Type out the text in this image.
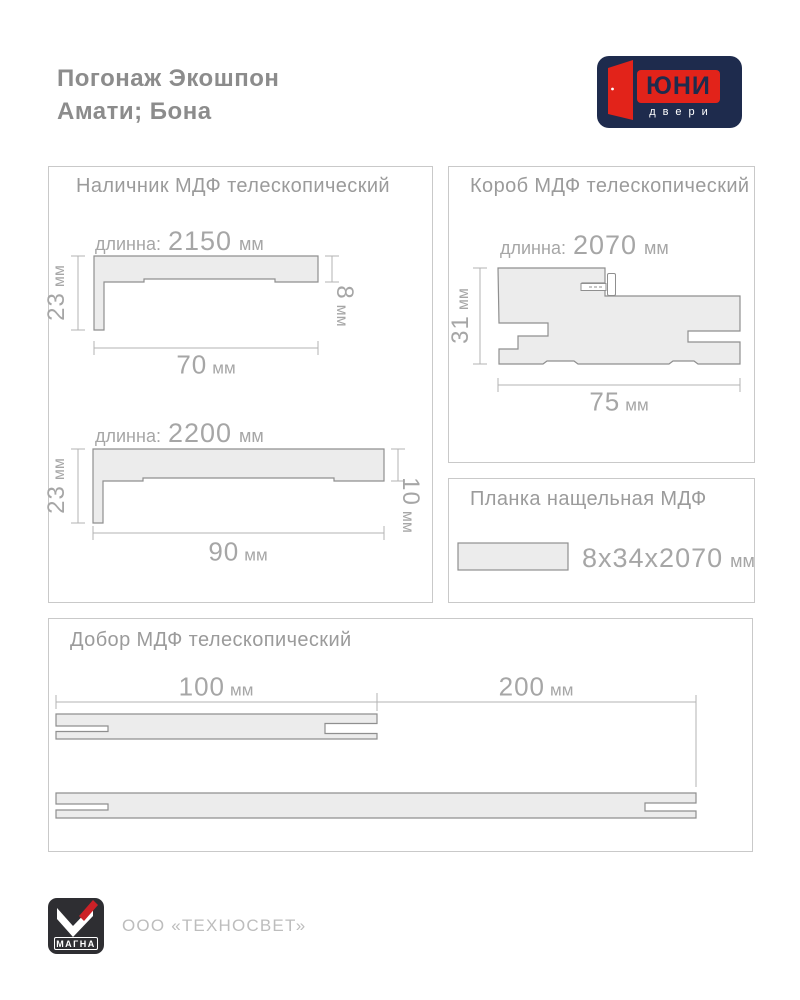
Погонаж Экошпон
Амати; Бона
ЮНИ
двери
Наличник МДФ телескопический	Короб МДФ телескопический
Планка нащельная МДФ
Добор МДФ телескопический
длинна: 2150 мм
23
мм
8
мм
70 мм
длинна: 2200 мм
23
мм
10
мм
90 мм
длинна: 2070 мм
31
мм
75 мм
8x34x2070 мм
100 мм	200 мм
МАГНА
ООО «ТЕХНОСВЕТ»
